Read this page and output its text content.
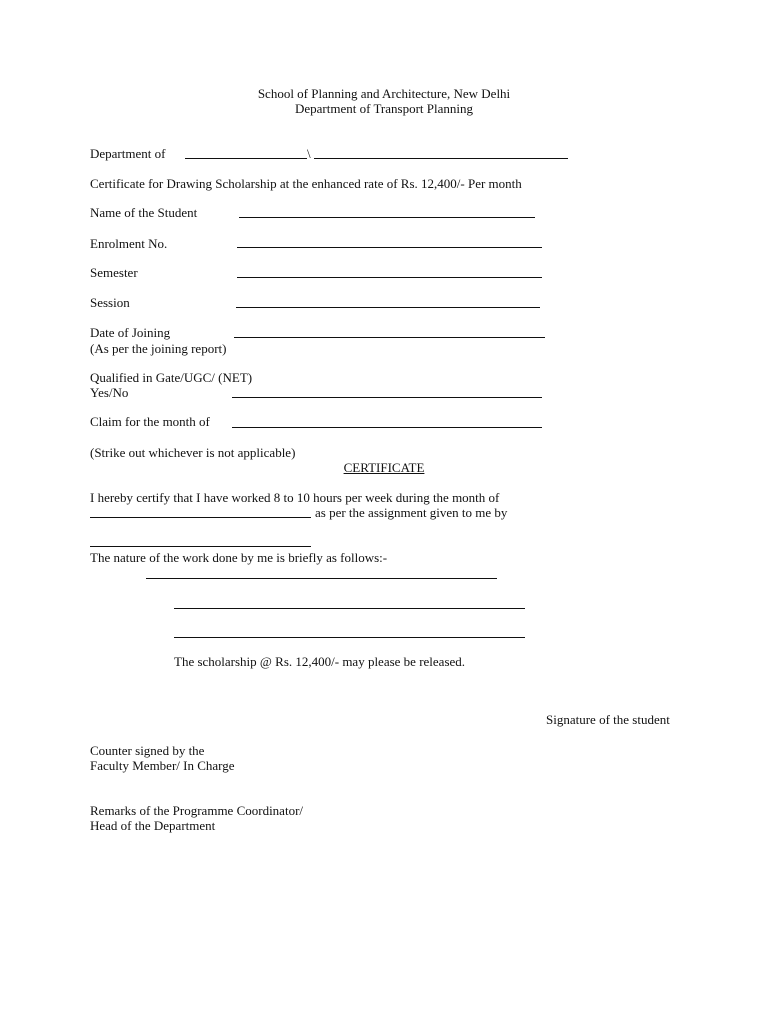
School of Planning and Architecture, New Delhi
Department of Transport Planning
Department of	\
Certificate for Drawing Scholarship at the enhanced rate of Rs. 12,400/- Per month
Name of the Student
Enrolment No.
Semester
Session
Date of Joining
(As per the joining report)
Qualified in Gate/UGC/ (NET)
Yes/No
Claim for the month of
(Strike out whichever is not applicable)
CERTIFICATE
I hereby certify that I have worked 8 to 10 hours per week during the month of
as per the assignment given to me by
The nature of the work done by me is briefly as follows:-
The scholarship @ Rs. 12,400/- may please be released.
Signature of the student
Counter signed by the
Faculty Member/ In Charge
Remarks of the Programme Coordinator/
Head of the Department
